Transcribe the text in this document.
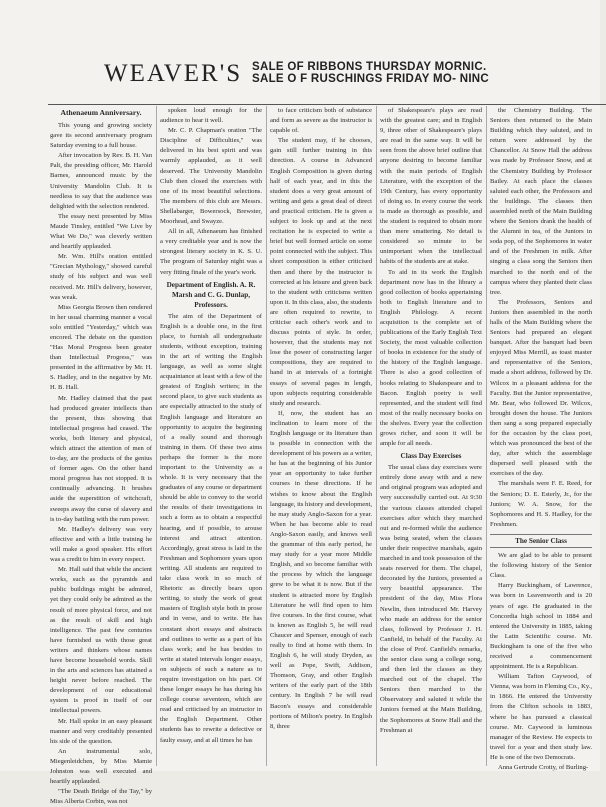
WEAVER'S SALE OF RIBBONS THURSDAY MORNIC.
SALE O F RUSCHINGS FRIDAY MO- NINC
Athenaeum Anniversary.

This young and growing society gave its second anniversary program Saturday evening to a full house.

After invocation by Rev. B. H. Van Palt, the presiding officer, Mr. Harold Barnes, announced music by the University Mandolin Club. It is needless to say that the audience was delighted with the selection rendered.

The essay next presented by Miss Maude Tinsley, entitled "We Live by What We Do," was cleverly written and heartily applauded.

Mr. Wm. Hill's oration entitled "Grecian Mythology," showed careful study of his subject and was well received. Mr. Hill's delivery, however, was weak.

Miss Georgia Brown then rendered in her usual charming manner a vocal solo entitled "Yesterday," which was encored. The debate on the question "Has Moral Progress been greater than Intellectual Progress," was presented in the affirmative by Mr. H. S. Hadley, and in the negative by Mr. H. B. Hall.

Mr. Hadley claimed that the past had produced greater intellects than the present, thus showing that intellectual progress had ceased. The works, both literary and physical, which attract the attention of men of to-day, are the products of the genius of former ages. On the other hand moral progress has not stopped. It is continually advancing. It brushes aside the superstition of witchcraft, sweeps away the curse of slavery and is to-day battling with the rum power.

Mr. Hadley's delivery was very effective and with a little training he will make a good speaker. His effort was a credit to him in every respect.

Mr. Hall said that while the ancient works, such as the pyramids and public buildings might be admired, yet they could only be admired as the result of more physical force, and not as the result of skill and high intelligence. The past few centuries have furnished us with those great writers and thinkers whose names have become household words. Skill in the arts and sciences has attained a height never before reached. The development of our educational system is proof in itself of our intellectual powers.

Mr. Hall spoke in an easy pleasant manner and very creditably presented his side of the question.

An instrumental solo, Miegenleidchen, by Miss Mamie Johnston was well executed and heartily applauded.

"The Death Bridge of the Tay," by Miss Alberta Corbin, was not

spoken loud enough for the audience to hear it well.

Mr. C. P. Chapman's oration "The Discipline of Difficulties," was delivered in his best spirit and was warmly applauded, as it well deserved. The University Mandolin Club then closed the exercises with one of its most beautiful selections. The members of this club are Messrs. Shellabarger, Bowersock, Brewster, Moorhead, and Swayze.

All in all, Athenaeum has finished a very creditable year and is now the strongest literary society in K. S. U. The program of Saturday night was a very fitting finale of the year's work.

Department of English. A. R. Marsh and C. G. Dunlap, Professors.

The aim of the Department of English is a double one, in the first place, to furnish all undergraduate students, without exception, training in the art of writing the English language, as well as some slight acquaintance at least with a few of the greatest of English writers; in the second place, to give such students as are especially attracted to the study of English language and literature an opportunity to acquire the beginning of a really sound and thorough training in them. Of these two aims perhaps the former is the more important to the University as a whole. It is very necessary that the graduates of any course or department should be able to convey to the world the results of their investigations in such a form as to obtain a respectful hearing, and if possible, to arouse interest and attract attention. Accordingly, great stress is laid in the Freshman and Sophomore years upon writing. All students are required to take class work in so much of Rhetoric as directly bears upon writing, to study the work of great masters of English style both in prose and in verse, and to write. He has constant short essays and abstracts and outlines to write as a part of his class work; and he has besides to write at stated intervals longer essays, on subjects of such a nature as to require investigation on his part. Of these longer essays he has during his college course seventeen, which are read and criticised by an instructor in the English Department. Other students has to rewrite a defective or faulty essay, and at all times he has

to face criticism both of substance and form as severe as the instructor is capable of.

The student may, if he chooses, gain still further training in this direction. A course in Advanced English Composition is given during half of each year, and in this the student does a very great amount of writing and gets a great deal of direct and practical criticism. He is given a subject to look up and at the next recitation he is expected to write a brief but well formed article on some point connected with the subject. This short composition is either criticised then and there by the instructor is corrected at his leisure and given back to the student with criticisms written upon it. In this class, also, the students are often required to rewrite, to criticise each other's work and to discuss points of style. In order, however, that the students may not lose the power of constructing larger compositions, they are required to hand in at intervals of a fortnight essays of several pages in length, upon subjects requiring considerable study and research.

If, now, the student has an inclination to learn more of the English language or its literature than is possible in connection with the development of his powers as a writer, he has at the beginning of his Junior year an opportunity to take further courses in these directions. If he wishes to know about the English language, its history and development, he may study Anglo-Saxon for a year. When he has become able to read Anglo-Saxon easily, and knows well the grammar of this early period, he may study for a year more Middle English, and so become familiar with the process by which the language grew to be what it is now. But if the student is attracted more by English Literature he will find open to him five courses. In the first course, what is known as English 5, he will read Chaucer and Spenser, enough of each really to find at home with them. In English 6, he will study Dryden, as well as Pope, Swift, Addison, Thomson, Gray, and other English writers of the early part of the 18th century. In English 7 he will read Bacon's essays and considerable portions of Milton's poetry. In English 8, three

of Shakespeare's plays are read with the greatest care; and in English 9, three other of Shakespeare's plays are read in the same way. It will be seen from the above brief outline that anyone desiring to become familiar with the main periods of English Literature, with the exception of the 19th Century, has every opportunity of doing so. In every course the work is made as thorough as possible, and the student is required to obtain more than mere smattering. No detail is considered so minute to be unimportant when the intellectual habits of the students are at stake.

To aid in its work the English department now has in the library a good collection of books appertaining both to English literature and to English Philology. A recent acquisition is the complete set of publications of the Early English Text Society, the most valuable collection of books in existence for the study of the history of the English language. There is also a good collection of books relating to Shakespeare and to Bacon. English poetry is well represented, and the student will find most of the really necessary books on the shelves. Every year the collection grows richer, and soon it will be ample for all needs.

Class Day Exercises

The usual class day exercises were entirely done away with and a new and original program was adopted and very successfully carried out. At 9:30 the various classes attended chapel exercises after which they marched out and re-formed while the audience was being seated, when the classes under their respective marshals, again marched in and took possession of the seats reserved for them. The chapel, decorated by the Juniors, presented a very beautiful appearance. The president of the day, Miss Flora Newlin, then introduced Mr. Harvey who made an address for the senior class, followed by Professor J. H. Canfield, in behalf of the Faculty. At the close of Prof. Canfield's remarks, the senior class sang a college song, and then led the classes as they marched out of the chapel. The Seniors then marched to the Observatory and saluted it while the Juniors formed at the Main Building, the Sophomores at Snow Hall and the Freshman at

the Chemistry Building. The Seniors then returned to the Main Building which they saluted, and in return were addressed by the Chancellor. At Snow Hall the address was made by Professor Snow, and at the Chemistry Building by Professor Bailey. At each place the classes saluted each other, the Professors and the buildings. The classes then assembled north of the Main Building where the Seniors drank the health of the Alumni in tea, of the Juniors in soda pop, of the Sophomores in water and of the Freshmen in milk. After singing a class song the Seniors then marched to the north end of the campus where they planted their class tree.

The Professors, Seniors and Juniors then assembled in the north halls of the Main Building where the Seniors had prepared an elegant banquet. After the banquet had been enjoyed Miss Merrill, as toast master and representative of the Seniors, made a short address, followed by Dr. Wilcox in a pleasant address for the Faculty. But the Junior representative, Mr. Bear, who followed Dr. Wilcox, brought down the house. The Juniors then sang a song prepared especially for the occasion by the class poet, which was pronounced the best of the day, after which the assemblage dispersed well pleased with the exercises of the day.

The marshals were F. E. Reed, for the Seniors; D. E. Esterly, Jr., for the Juniors; W. A. Snow, for the Sophomores and H. S. Hadley, for the Freshmen.

The Senior Class

We are glad to be able to present the following history of the Senior Class.

Harry Buckingham, of Lawrence, was born in Leavenworth and is 20 years of age. He graduated in the Concordia high school in 1884 and entered the University in 1885, taking the Latin Scientific course. Mr. Buckingham is one of the five who received a commencement appointment. He is a Republican.

William Tafton Caywood, of Vienna, was born in Fleming Co., Ky., in 1866. He entered the University from the Clifton schools in 1883, where he has pursued a classical course. Mr. Caywood is luminous manager of the Review. He expects to travel for a year and then study law. He is one of the two Democrats.

Anna Gertrude Crotty, of Burling-
